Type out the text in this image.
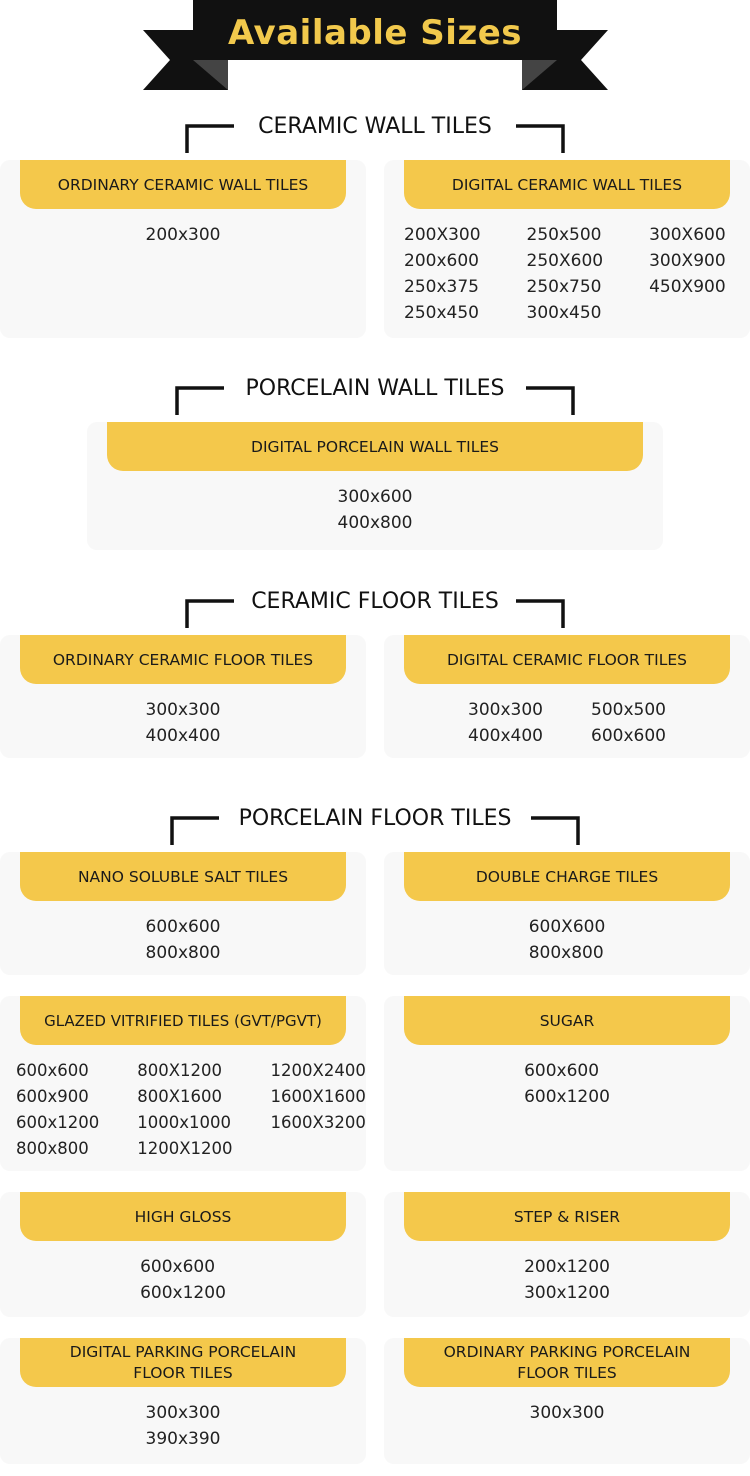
Available Sizes
CERAMIC WALL TILES
ORDINARY CERAMIC WALL TILES
200x300
DIGITAL CERAMIC WALL TILES
200X300
200x600
250x375
250x450
250x500
250X600
250x750
300x450
300X600
300X900
450X900
PORCELAIN WALL TILES
DIGITAL PORCELAIN WALL TILES
300x600
400x800
CERAMIC FLOOR TILES
ORDINARY CERAMIC FLOOR TILES
300x300
400x400
DIGITAL CERAMIC FLOOR TILES
300x300
400x400
500x500
600x600
PORCELAIN FLOOR TILES
NANO SOLUBLE SALT TILES
600x600
800x800
DOUBLE CHARGE TILES
600X600
800x800
GLAZED VITRIFIED TILES (GVT/PGVT)
600x600
600x900
600x1200
800x800
800X1200
800X1600
1000x1000
1200X1200
1200X2400
1600X1600
1600X3200
SUGAR
600x600
600x1200
HIGH GLOSS
600x600
600x1200
STEP & RISER
200x1200
300x1200
DIGITAL PARKING PORCELAIN
FLOOR TILES
300x300
390x390
ORDINARY PARKING PORCELAIN
FLOOR TILES
300x300
